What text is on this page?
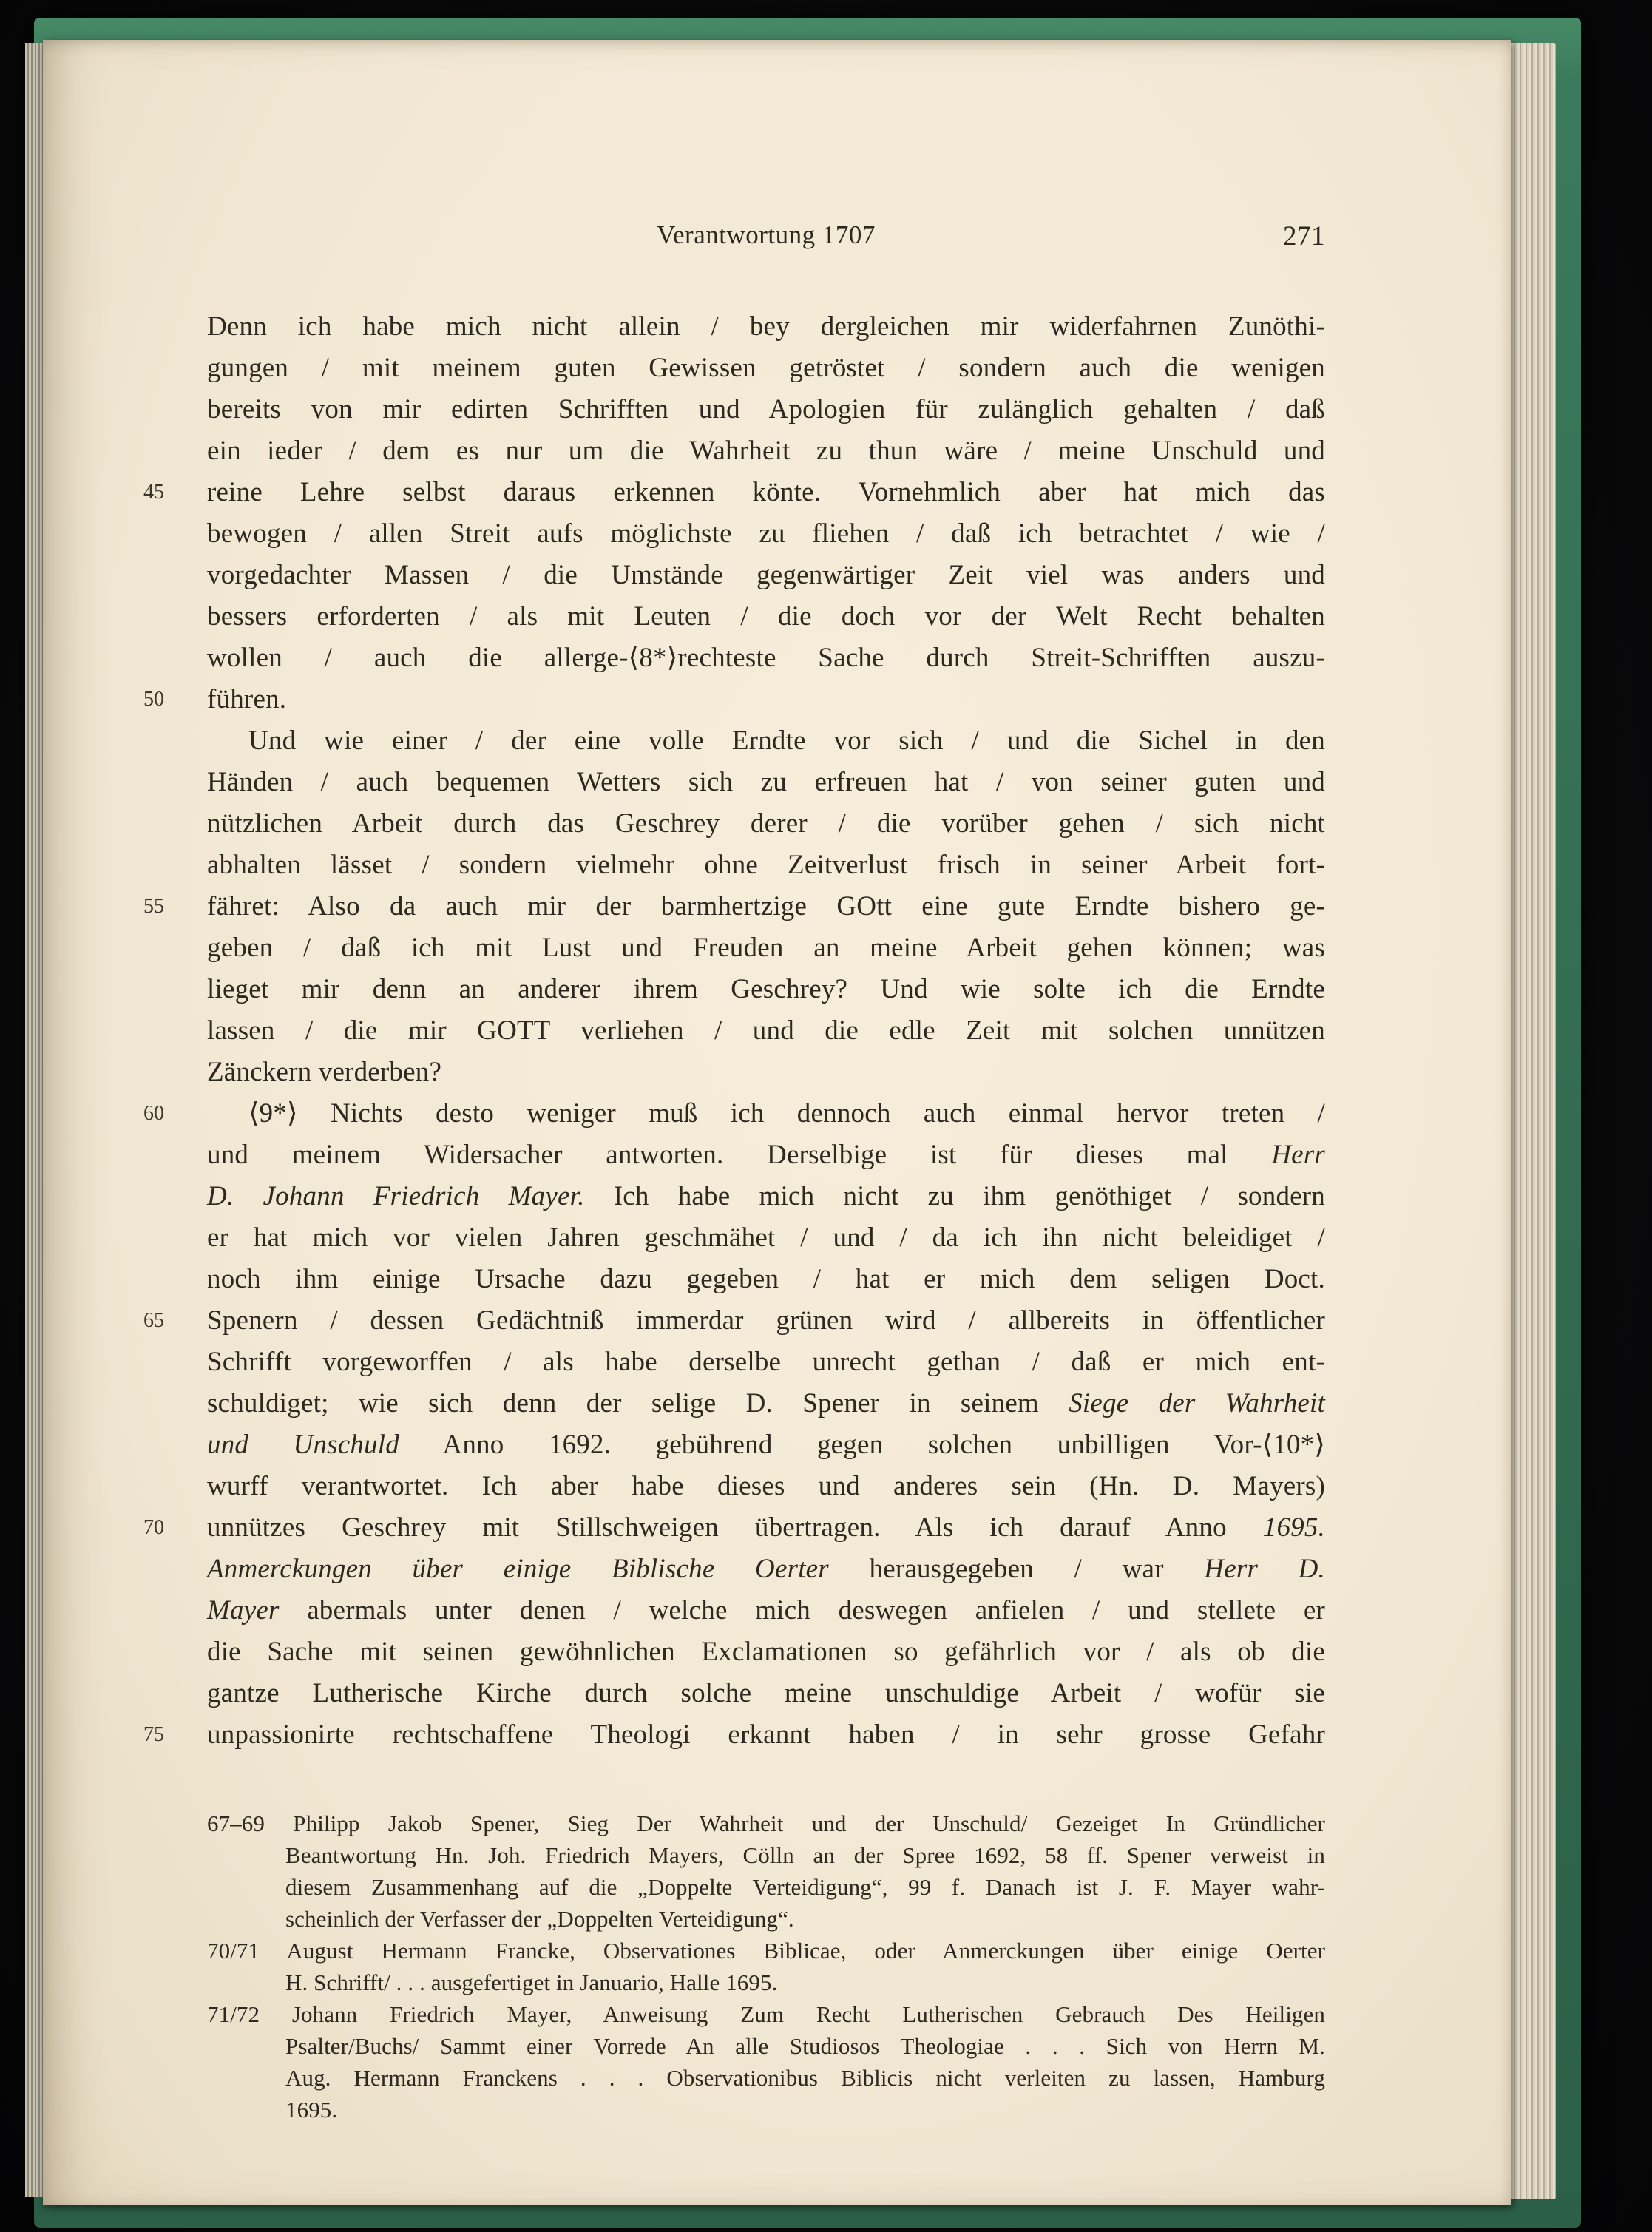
Verantwortung 1707	271
Denn ich habe mich nicht allein / bey dergleichen mir widerfahrnen Zunöthi-
gungen / mit meinem guten Gewissen getröstet / sondern auch die wenigen
bereits von mir edirten Schrifften und Apologien für zulänglich gehalten / daß
ein ieder / dem es nur um die Wahrheit zu thun wäre / meine Unschuld und
45	reine Lehre selbst daraus erkennen könte. Vornehmlich aber hat mich das
bewogen / allen Streit aufs möglichste zu fliehen / daß ich betrachtet / wie /
vorgedachter Massen / die Umstände gegenwärtiger Zeit viel was anders und
bessers erforderten / als mit Leuten / die doch vor der Welt Recht behalten
wollen / auch die allerge-⟨8*⟩rechteste Sache durch Streit-Schrifften auszu-
50	führen.
Und wie einer / der eine volle Erndte vor sich / und die Sichel in den
Händen / auch bequemen Wetters sich zu erfreuen hat / von seiner guten und
nützlichen Arbeit durch das Geschrey derer / die vorüber gehen / sich nicht
abhalten lässet / sondern vielmehr ohne Zeitverlust frisch in seiner Arbeit fort-
55	fähret: Also da auch mir der barmhertzige GOtt eine gute Erndte bishero ge-
geben / daß ich mit Lust und Freuden an meine Arbeit gehen können; was
lieget mir denn an anderer ihrem Geschrey? Und wie solte ich die Erndte
lassen / die mir GOTT verliehen / und die edle Zeit mit solchen unnützen
Zänckern verderben?
60	⟨9*⟩ Nichts desto weniger muß ich dennoch auch einmal hervor treten /
und meinem Widersacher antworten. Derselbige ist für dieses mal Herr
D. Johann Friedrich Mayer. Ich habe mich nicht zu ihm genöthiget / sondern
er hat mich vor vielen Jahren geschmähet / und / da ich ihn nicht beleidiget /
noch ihm einige Ursache dazu gegeben / hat er mich dem seligen Doct.
65	Spenern / dessen Gedächtniß immerdar grünen wird / allbereits in öffentlicher
Schrifft vorgeworffen / als habe derselbe unrecht gethan / daß er mich ent-
schuldiget; wie sich denn der selige D. Spener in seinem Siege der Wahrheit
und Unschuld Anno 1692. gebührend gegen solchen unbilligen Vor-⟨10*⟩
wurff verantwortet. Ich aber habe dieses und anderes sein (Hn. D. Mayers)
70	unnützes Geschrey mit Stillschweigen übertragen. Als ich darauf Anno 1695.
Anmerckungen über einige Biblische Oerter herausgegeben / war Herr D.
Mayer abermals unter denen / welche mich deswegen anfielen / und stellete er
die Sache mit seinen gewöhnlichen Exclamationen so gefährlich vor / als ob die
gantze Lutherische Kirche durch solche meine unschuldige Arbeit / wofür sie
75	unpassionirte rechtschaffene Theologi erkannt haben / in sehr grosse Gefahr
67–69 Philipp Jakob Spener, Sieg Der Wahrheit und der Unschuld/ Gezeiget In Gründlicher
Beantwortung Hn. Joh. Friedrich Mayers, Cölln an der Spree 1692, 58 ff. Spener verweist in
diesem Zusammenhang auf die „Doppelte Verteidigung“, 99 f. Danach ist J. F. Mayer wahr-
scheinlich der Verfasser der „Doppelten Verteidigung“.
70/71 August Hermann Francke, Observationes Biblicae, oder Anmerckungen über einige Oerter
H. Schrifft/ . . . ausgefertiget in Januario, Halle 1695.
71/72 Johann Friedrich Mayer, Anweisung Zum Recht Lutherischen Gebrauch Des Heiligen
Psalter/Buchs/ Sammt einer Vorrede An alle Studiosos Theologiae . . . Sich von Herrn M.
Aug. Hermann Franckens . . . Observationibus Biblicis nicht verleiten zu lassen, Hamburg
1695.
